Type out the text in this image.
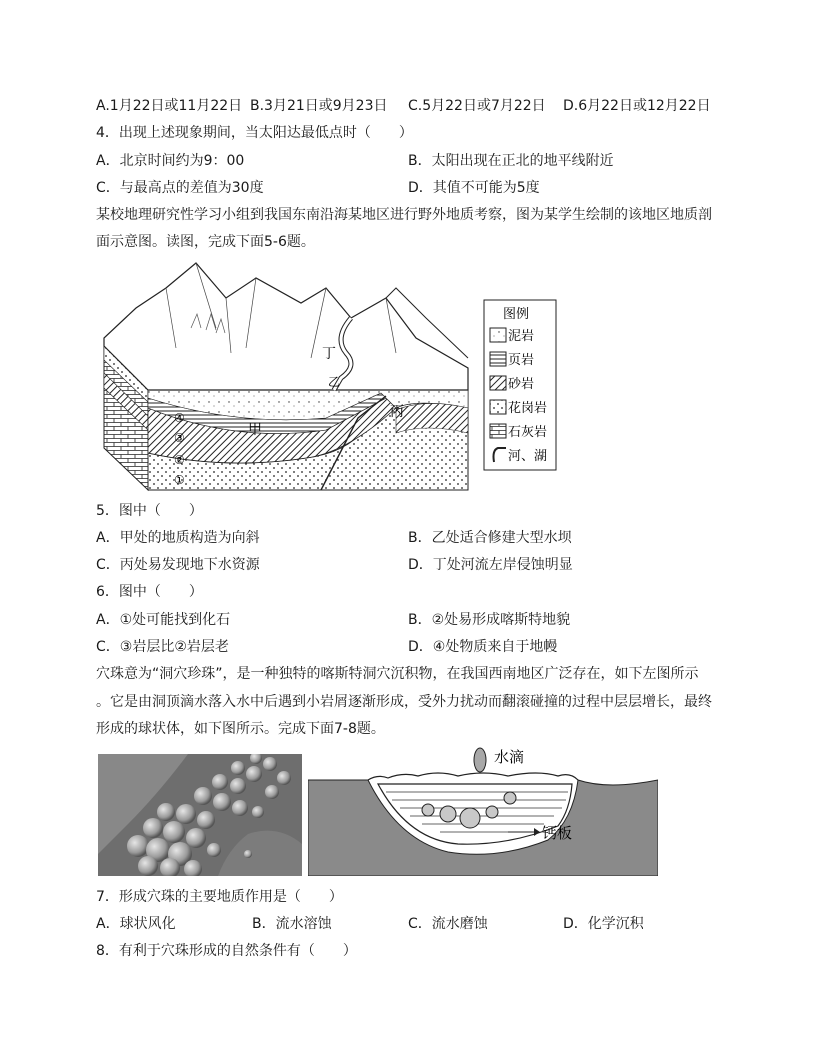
A.1月22日或11月22日 B.3月21日或9月23日 C.5月22日或7月22日 D.6月22日或12月22日
4．出现上述现象期间，当太阳达最低点时（　　）
A．北京时间约为9：00	B．太阳出现在正北的地平线附近
C．与最高点的差值为30度	D．其值不可能为5度
某校地理研究性学习小组到我国东南沿海某地区进行野外地质考察，图为某学生绘制的该地区地质剖
面示意图。读图，完成下面5-6题。
甲
丙
丁
乙
④
③
②
①
图例
泥岩
页岩
砂岩
花岗岩
石灰岩
河、湖
5．图中（　　）
A．甲处的地质构造为向斜	B．乙处适合修建大型水坝
C．丙处易发现地下水资源	D．丁处河流左岸侵蚀明显
6．图中（　　）
A．①处可能找到化石	B．②处易形成喀斯特地貌
C．③岩层比②岩层老	D．④处物质来自于地幔
穴珠意为“洞穴珍珠”，是一种独特的喀斯特洞穴沉积物，在我国西南地区广泛存在，如下左图所示
。它是由洞顶滴水落入水中后遇到小岩屑逐渐形成，受外力扰动而翻滚碰撞的过程中层层增长，最终
形成的球状体，如下图所示。完成下面7-8题。
水滴
钙板
7．形成穴珠的主要地质作用是（　　）
A．球状风化	B．流水溶蚀	C．流水磨蚀	D．化学沉积
8．有利于穴珠形成的自然条件有（　　）
